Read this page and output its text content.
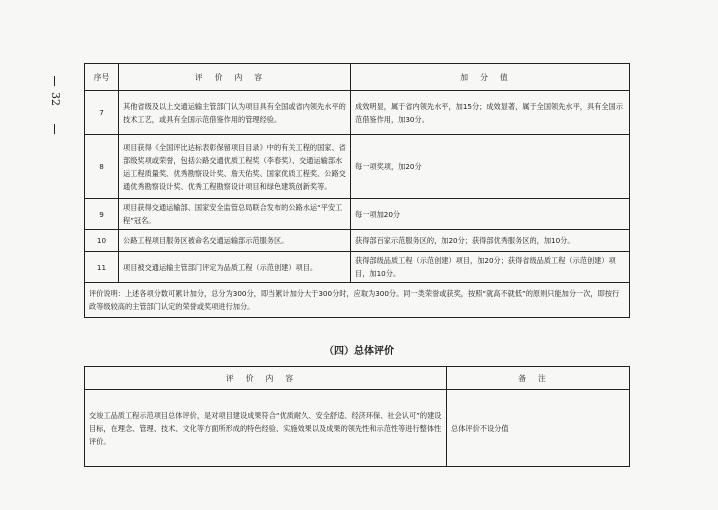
32
序号	评价内容	加分值
7	其他省级及以上交通运输主管部门认为项目具有全国或省内领先水平的技术工艺，或具有全国示范借鉴作用的管理经验。	成效明显，属于省内领先水平，加15分；成效显著，属于全国领先水平，具有全国示范借鉴作用，加30分。
8	项目获得《全国评比达标表彰保留项目目录》中的有关工程的国家、省部级奖项或荣誉，包括公路交通优质工程奖（李春奖）、交通运输部水运工程质量奖、优秀勘察设计奖、詹天佑奖、国家优质工程奖、公路交通优秀勘察设计奖、优秀工程勘察设计项目和绿色建筑创新奖等。	每一项奖项，加20分
9	项目获得交通运输部、国家安全监管总局联合发布的公路水运“平安工程”冠名。	每一项加20分
10	公路工程项目服务区被命名交通运输部示范服务区。	获得部百家示范服务区的，加20分；获得部优秀服务区的，加10分。
11	项目被交通运输主管部门评定为品质工程（示范创建）项目。	获得部级品质工程（示范创建）项目，加20分；获得省级品质工程（示范创建）项目，加10分。
评价说明：上述各项分数可累计加分，总分为300分，即当累计加分大于300分时，应取为300分。同一类荣誉或获奖，按照“就高不就低”的原则只能加分一次，即按行政等级较高的主管部门认定的荣誉或奖项进行加分。		
（四）总体评价
评价内容	备注
交竣工品质工程示范项目总体评价，是对项目建设成果符合“优质耐久、安全舒适、经济环保、社会认可”的建设目标，在理念、管理、技术、文化等方面所形成的特色经验、实施效果以及成果的领先性和示范性等进行整体性评价。	总体评价不设分值
